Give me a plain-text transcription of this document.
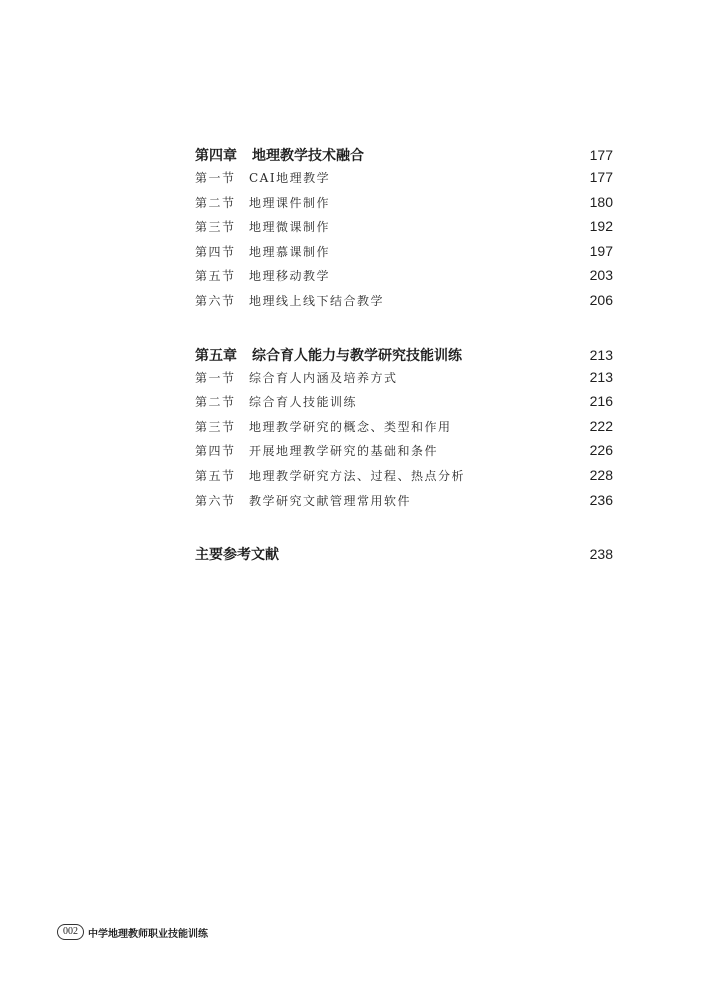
第四章	地理教学技术融合	177
第一节	CAI地理教学	177
第二节	地理课件制作	180
第三节	地理微课制作	192
第四节	地理慕课制作	197
第五节	地理移动教学	203
第六节	地理线上线下结合教学	206
第五章	综合育人能力与教学研究技能训练	213
第一节	综合育人内涵及培养方式	213
第二节	综合育人技能训练	216
第三节	地理教学研究的概念、类型和作用	222
第四节	开展地理教学研究的基础和条件	226
第五节	地理教学研究方法、过程、热点分析	228
第六节	教学研究文献管理常用软件	236
主要参考文献	238
002	中学地理教师职业技能训练
